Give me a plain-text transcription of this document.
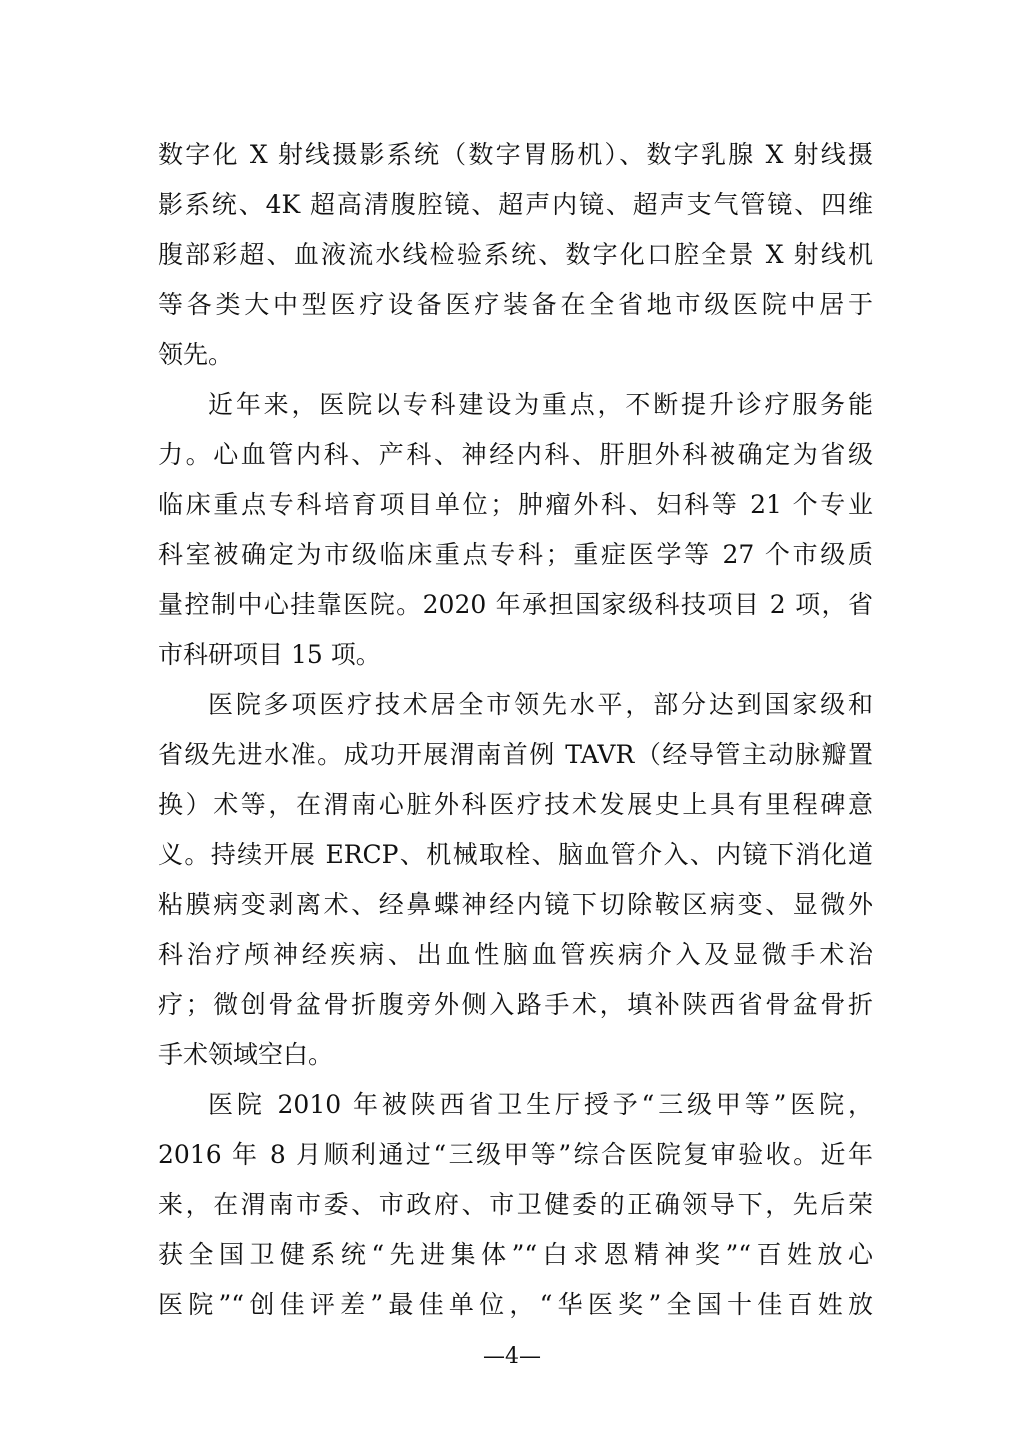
数字化 X 射线摄影系统（数字胃肠机）、数字乳腺 X 射线摄
影系统、4K 超高清腹腔镜、超声内镜、超声支气管镜、四维
腹部彩超、血液流水线检验系统、数字化口腔全景 X 射线机
等各类大中型医疗设备医疗装备在全省地市级医院中居于
领先。
近年来，医院以专科建设为重点，不断提升诊疗服务能
力。心血管内科、产科、神经内科、肝胆外科被确定为省级
临床重点专科培育项目单位；肿瘤外科、妇科等 21 个专业
科室被确定为市级临床重点专科；重症医学等 27 个市级质
量控制中心挂靠医院。2020 年承担国家级科技项目 2 项，省
市科研项目 15 项。
医院多项医疗技术居全市领先水平，部分达到国家级和
省级先进水准。成功开展渭南首例 TAVR（经导管主动脉瓣置
换）术等，在渭南心脏外科医疗技术发展史上具有里程碑意
义。持续开展 ERCP、机械取栓、脑血管介入、内镜下消化道
粘膜病变剥离术、经鼻蝶神经内镜下切除鞍区病变、显微外
科治疗颅神经疾病、出血性脑血管疾病介入及显微手术治
疗；微创骨盆骨折腹旁外侧入路手术，填补陕西省骨盆骨折
手术领域空白。
医院 2010 年被陕西省卫生厅授予“三级甲等”医院，
2016 年 8 月顺利通过“三级甲等”综合医院复审验收。近年
来，在渭南市委、市政府、市卫健委的正确领导下，先后荣
获全国卫健系统“先进集体”“白求恩精神奖”“百姓放心
医院”“创佳评差”最佳单位，“华医奖”全国十佳百姓放
—4—
